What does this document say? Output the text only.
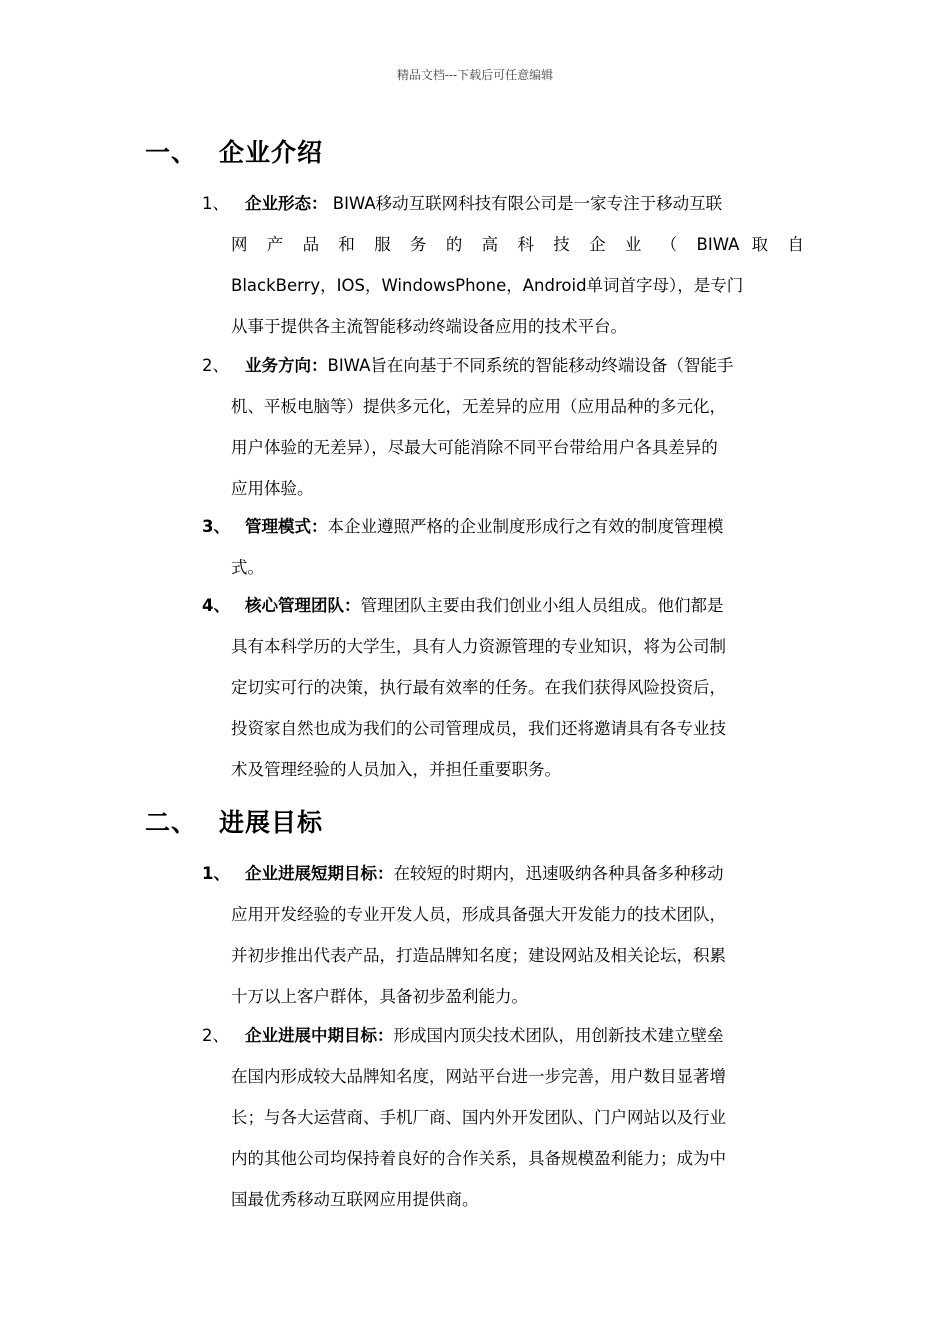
精品文档---下载后可任意编辑
一、 企业介绍
1、 企业形态： BIWA移动互联网科技有限公司是一家专注于移动互联
网 产 品 和 服 务 的 高 科 技 企 业 （ BIWA 取 自
BlackBerry，IOS，WindowsPhone，Android单词首字母），是专门
从事于提供各主流智能移动终端设备应用的技术平台。
2、 业务方向： BIWA旨在向基于不同系统的智能移动终端设备（智能手
机、平板电脑等）提供多元化，无差异的应用（应用品种的多元化，
用户体验的无差异），尽最大可能消除不同平台带给用户各具差异的
应用体验。
3、 管理模式： 本企业遵照严格的企业制度形成行之有效的制度管理模
式。
4、 核心管理团队： 管理团队主要由我们创业小组人员组成。他们都是
具有本科学历的大学生，具有人力资源管理的专业知识，将为公司制
定切实可行的决策，执行最有效率的任务。在我们获得风险投资后，
投资家自然也成为我们的公司管理成员，我们还将邀请具有各专业技
术及管理经验的人员加入，并担任重要职务。
二、 进展目标
1、 企业进展短期目标： 在较短的时期内，迅速吸纳各种具备多种移动
应用开发经验的专业开发人员，形成具备强大开发能力的技术团队，
并初步推出代表产品，打造品牌知名度；建设网站及相关论坛，积累
十万以上客户群体，具备初步盈利能力。
2、 企业进展中期目标： 形成国内顶尖技术团队，用创新技术建立壁垒
在国内形成较大品牌知名度，网站平台进一步完善，用户数目显著增
长；与各大运营商、手机厂商、国内外开发团队、门户网站以及行业
内的其他公司均保持着良好的合作关系，具备规模盈利能力；成为中
国最优秀移动互联网应用提供商。
